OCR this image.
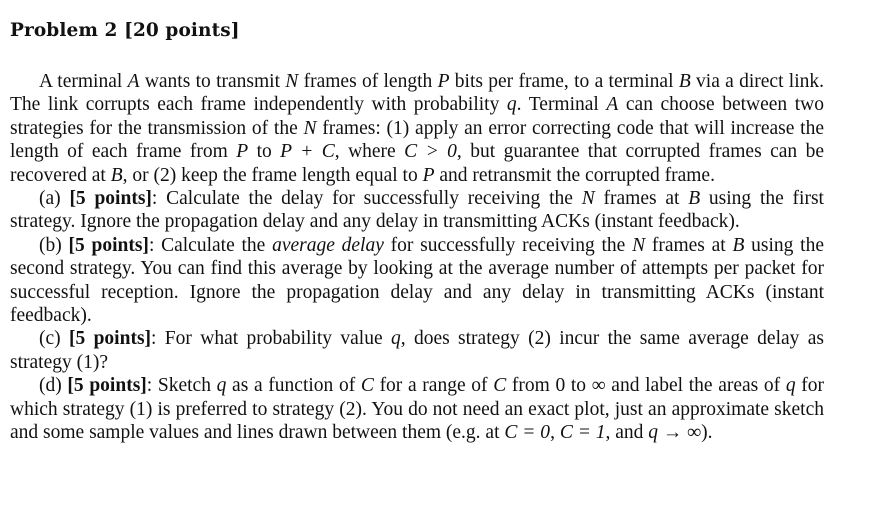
Problem 2 [20 points]

A terminal A wants to transmit N frames of length P bits per frame, to a terminal B via a direct link. The link corrupts each frame independently with probability q. Terminal A can choose between two strategies for the transmission of the N frames: (1) apply an error correcting code that will increase the length of each frame from P to P + C, where C > 0, but guarantee that corrupted frames can be recovered at B, or (2) keep the frame length equal to P and retransmit the corrupted frame.

(a) [5 points]: Calculate the delay for successfully receiving the N frames at B using the first strategy. Ignore the propagation delay and any delay in transmitting ACKs (instant feedback).

(b) [5 points]: Calculate the average delay for successfully receiving the N frames at B using the second strategy. You can find this average by looking at the average number of attempts per packet for successful reception. Ignore the propagation delay and any delay in transmitting ACKs (instant feedback).

(c) [5 points]: For what probability value q, does strategy (2) incur the same average delay as strategy (1)?

(d) [5 points]: Sketch q as a function of C for a range of C from 0 to ∞ and label the areas of q for which strategy (1) is preferred to strategy (2). You do not need an exact plot, just an approximate sketch and some sample values and lines drawn between them (e.g. at C = 0, C = 1, and q → ∞).
